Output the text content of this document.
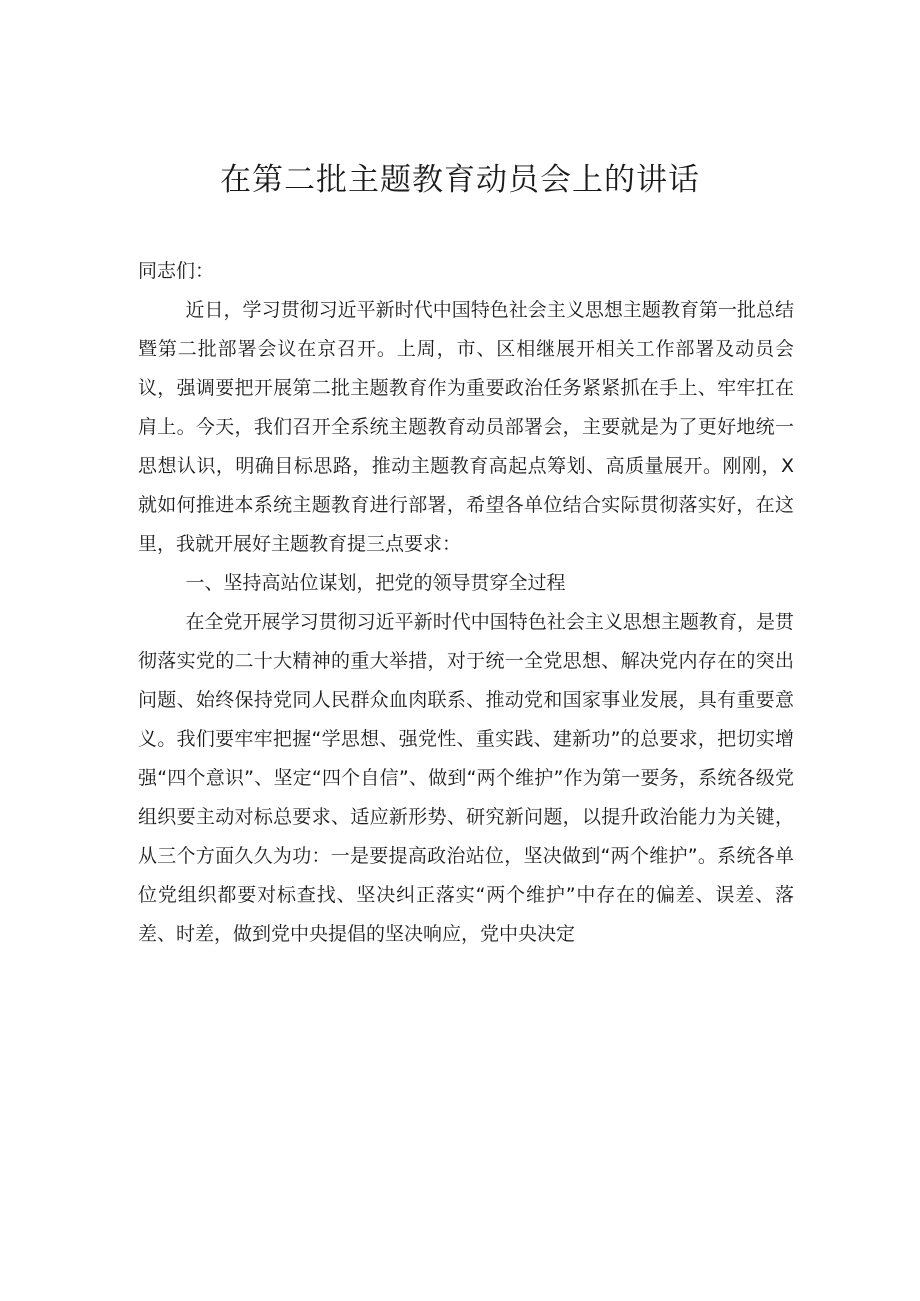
在第二批主题教育动员会上的讲话

同志们：

近日，学习贯彻习近平新时代中国特色社会主义思想主题教育第一批总结暨第二批部署会议在京召开。上周，市、区相继展开相关工作部署及动员会议，强调要把开展第二批主题教育作为重要政治任务紧紧抓在手上、牢牢扛在肩上。今天，我们召开全系统主题教育动员部署会，主要就是为了更好地统一思想认识，明确目标思路，推动主题教育高起点筹划、高质量展开。刚刚，X就如何推进本系统主题教育进行部署，希望各单位结合实际贯彻落实好，在这里，我就开展好主题教育提三点要求：

一、坚持高站位谋划，把党的领导贯穿全过程

在全党开展学习贯彻习近平新时代中国特色社会主义思想主题教育，是贯彻落实党的二十大精神的重大举措，对于统一全党思想、解决党内存在的突出问题、始终保持党同人民群众血肉联系、推动党和国家事业发展，具有重要意义。我们要牢牢把握“学思想、强党性、重实践、建新功”的总要求，把切实增强“四个意识”、坚定“四个自信”、做到“两个维护”作为第一要务，系统各级党组织要主动对标总要求、适应新形势、研究新问题，以提升政治能力为关键，从三个方面久久为功：一是要提高政治站位，坚决做到“两个维护”。系统各单位党组织都要对标查找、坚决纠正落实“两个维护”中存在的偏差、误差、落差、时差，做到党中央提倡的坚决响应，党中央决定
